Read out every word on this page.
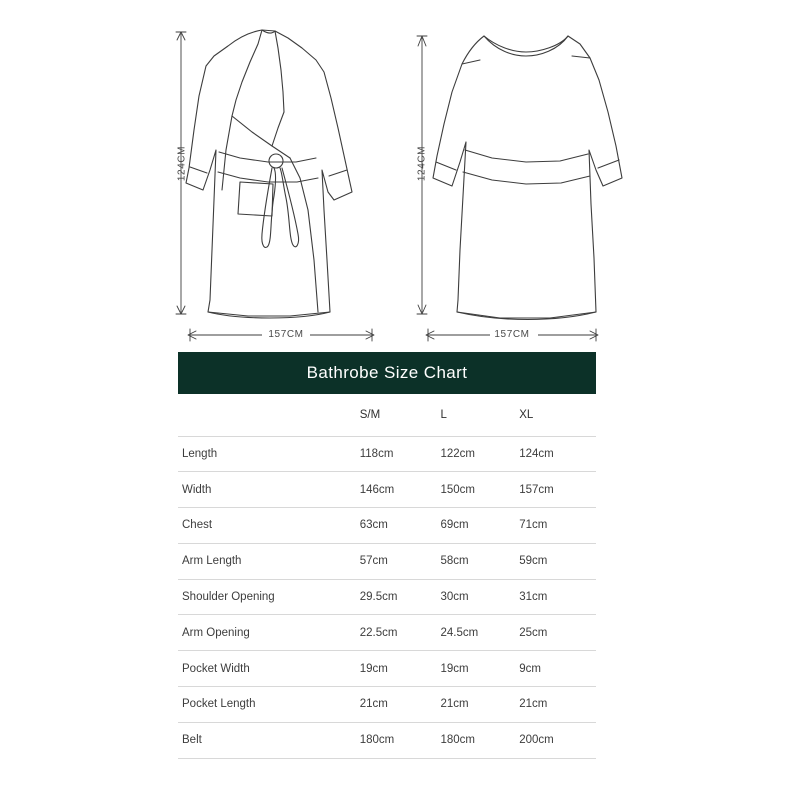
124CM
157CM
124CM
157CM
Bathrobe Size Chart
	S/M	L	XL
Length	118cm	122cm	124cm
Width	146cm	150cm	157cm
Chest	63cm	69cm	71cm
Arm Length	57cm	58cm	59cm
Shoulder Opening	29.5cm	30cm	31cm
Arm Opening	22.5cm	24.5cm	25cm
Pocket Width	19cm	19cm	9cm
Pocket Length	21cm	21cm	21cm
Belt	180cm	180cm	200cm
